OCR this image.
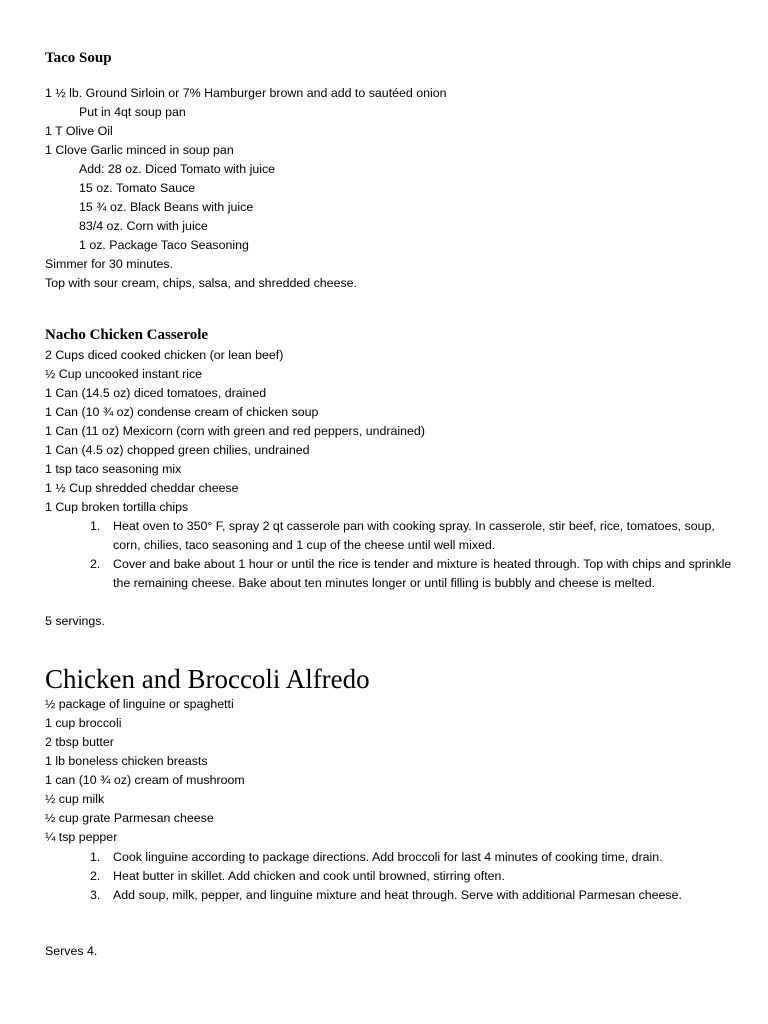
Taco Soup
1 ½ lb. Ground Sirloin or 7% Hamburger brown and add to sautéed onion
Put in 4qt soup pan
1 T Olive Oil
1 Clove Garlic minced in soup pan
Add: 28 oz. Diced Tomato with juice
15 oz. Tomato Sauce
15 ¾ oz. Black Beans with juice
83/4 oz. Corn with juice
1 oz. Package Taco Seasoning
Simmer for 30 minutes.
Top with sour cream, chips, salsa, and shredded cheese.
Nacho Chicken Casserole
2 Cups diced cooked chicken (or lean beef)
½ Cup uncooked instant rice
1 Can (14.5 oz) diced tomatoes, drained
1 Can (10 ¾ oz) condense cream of chicken soup
1 Can (11 oz) Mexicorn (corn with green and red peppers, undrained)
1 Can (4.5 oz) chopped green chilies, undrained
1 tsp taco seasoning mix
1 ½ Cup shredded cheddar cheese
1 Cup broken tortilla chips
1. Heat oven to 350° F, spray 2 qt casserole pan with cooking spray. In casserole, stir beef, rice, tomatoes, soup, corn, chilies, taco seasoning and 1 cup of the cheese until well mixed.
2. Cover and bake about 1 hour or until the rice is tender and mixture is heated through. Top with chips and sprinkle the remaining cheese. Bake about ten minutes longer or until filling is bubbly and cheese is melted.
5 servings.
Chicken and Broccoli Alfredo
½ package of linguine or spaghetti
1 cup broccoli
2 tbsp butter
1 lb boneless chicken breasts
1 can (10 ¾ oz) cream of mushroom
½ cup milk
½ cup grate Parmesan cheese
¼ tsp pepper
1. Cook linguine according to package directions. Add broccoli for last 4 minutes of cooking time, drain.
2. Heat butter in skillet. Add chicken and cook until browned, stirring often.
3. Add soup, milk, pepper, and linguine mixture and heat through. Serve with additional Parmesan cheese.
Serves 4.
